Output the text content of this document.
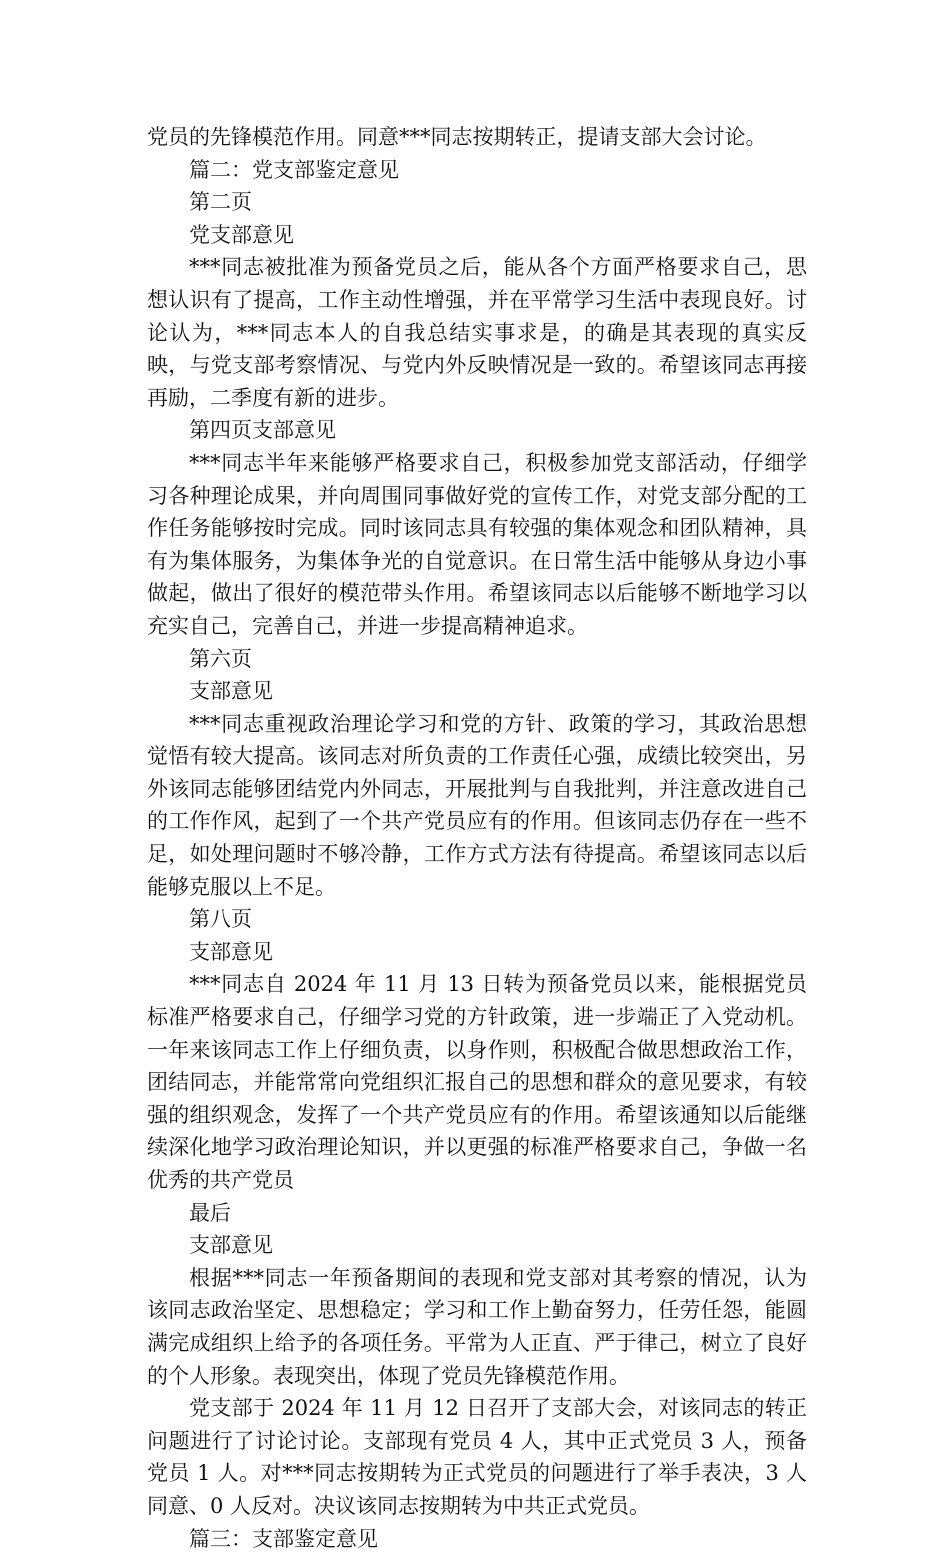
党员的先锋模范作用。同意***同志按期转正，提请支部大会讨论。

篇二：党支部鉴定意见

第二页

党支部意见

***同志被批准为预备党员之后，能从各个方面严格要求自己，思想认识有了提高，工作主动性增强，并在平常学习生活中表现良好。讨论认为，***同志本人的自我总结实事求是，的确是其表现的真实反映，与党支部考察情况、与党内外反映情况是一致的。希望该同志再接再励，二季度有新的进步。

第四页支部意见

***同志半年来能够严格要求自己，积极参加党支部活动，仔细学习各种理论成果，并向周围同事做好党的宣传工作，对党支部分配的工作任务能够按时完成。同时该同志具有较强的集体观念和团队精神，具有为集体服务，为集体争光的自觉意识。在日常生活中能够从身边小事做起，做出了很好的模范带头作用。希望该同志以后能够不断地学习以充实自己，完善自己，并进一步提高精神追求。

第六页

支部意见

***同志重视政治理论学习和党的方针、政策的学习，其政治思想觉悟有较大提高。该同志对所负责的工作责任心强，成绩比较突出，另外该同志能够团结党内外同志，开展批判与自我批判，并注意改进自己的工作作风，起到了一个共产党员应有的作用。但该同志仍存在一些不足，如处理问题时不够冷静，工作方式方法有待提高。希望该同志以后能够克服以上不足。

第八页

支部意见

***同志自 2024 年 11 月 13 日转为预备党员以来，能根据党员标准严格要求自己，仔细学习党的方针政策，进一步端正了入党动机。一年来该同志工作上仔细负责，以身作则，积极配合做思想政治工作，团结同志，并能常常向党组织汇报自己的思想和群众的意见要求，有较强的组织观念，发挥了一个共产党员应有的作用。希望该通知以后能继续深化地学习政治理论知识，并以更强的标准严格要求自己，争做一名优秀的共产党员

最后

支部意见

根据***同志一年预备期间的表现和党支部对其考察的情况，认为该同志政治坚定、思想稳定；学习和工作上勤奋努力，任劳任怨，能圆满完成组织上给予的各项任务。平常为人正直、严于律己，树立了良好的个人形象。表现突出，体现了党员先锋模范作用。

党支部于 2024 年 11 月 12 日召开了支部大会，对该同志的转正问题进行了讨论讨论。支部现有党员 4 人，其中正式党员 3 人，预备党员 1 人。对***同志按期转为正式党员的问题进行了举手表决，3 人同意、0 人反对。决议该同志按期转为中共正式党员。

篇三：支部鉴定意见
